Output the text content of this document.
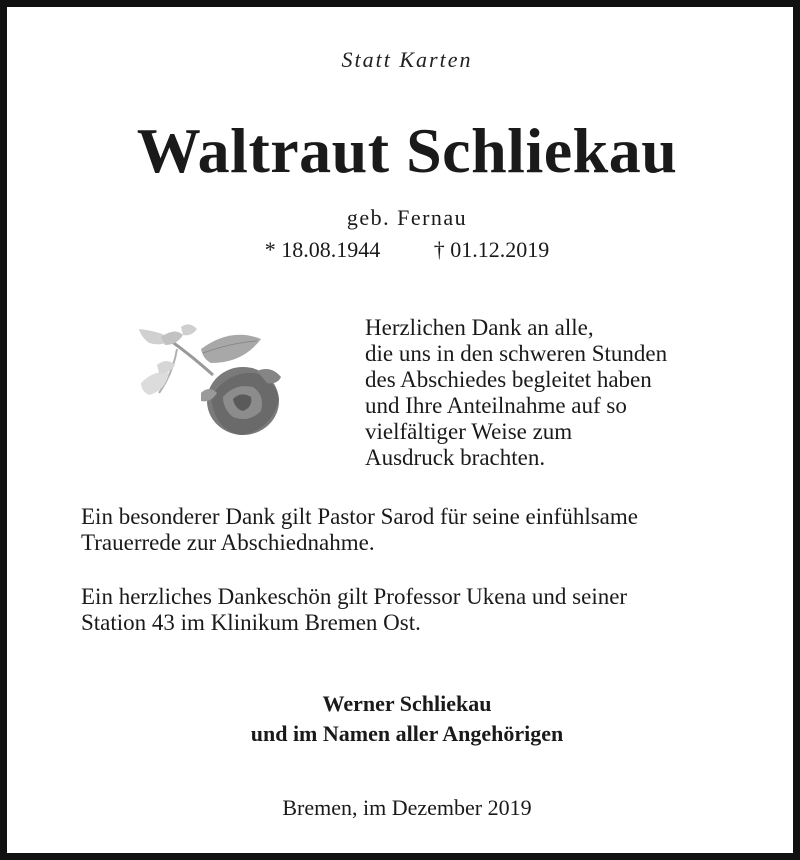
Statt Karten
Waltraut Schliekau
geb. Fernau
* 18.08.1944 † 01.12.2019
Herzlichen Dank an alle,
die uns in den schweren Stunden
des Abschiedes begleitet haben
und Ihre Anteilnahme auf so
vielfältiger Weise zum
Ausdruck brachten.
Ein besonderer Dank gilt Pastor Sarod für seine einfühlsame
Trauerrede zur Abschiednahme.
Ein herzliches Dankeschön gilt Professor Ukena und seiner
Station 43 im Klinikum Bremen Ost.
Werner Schliekau
und im Namen aller Angehörigen
Bremen, im Dezember 2019
